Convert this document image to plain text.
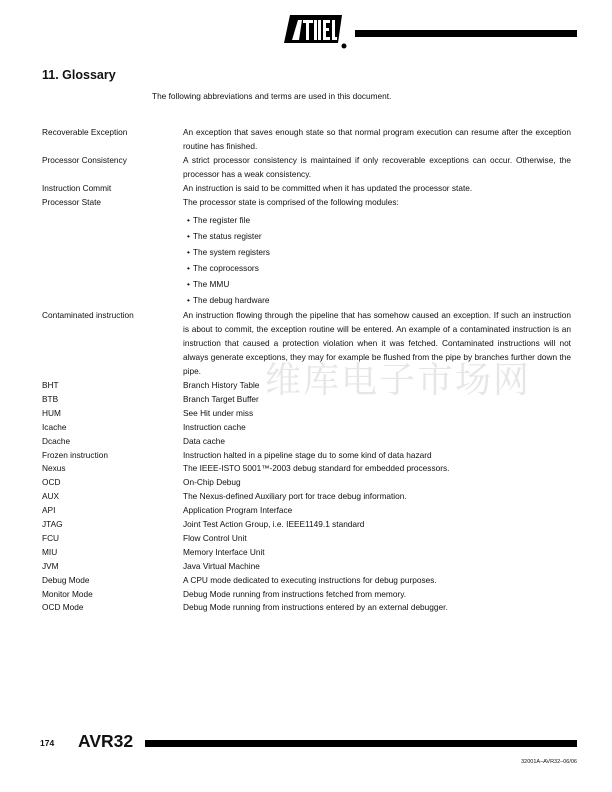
11. Glossary
The following abbreviations and terms are used in this document.
维库电子市场网
Recoverable Exception	An exception that saves enough state so that normal program execution can resume after the exception routine has finished.
Processor Consistency	A strict processor consistency is maintained if only recoverable exceptions can occur. Otherwise, the processor has a weak consistency.
Instruction Commit	An instruction is said to be committed when it has updated the processor state.
Processor State	The processor state is comprised of the following modules:
• The register file
• The status register
• The system registers
• The coprocessors
• The MMU
• The debug hardware
Contaminated instruction	An instruction flowing through the pipeline that has somehow caused an exception. If such an instruction is about to commit, the exception routine will be entered. An example of a contaminated instruction is an instruction that caused a protection violation when it was fetched. Contaminated instructions will not always generate exceptions, they may for example be flushed from the pipe by branches further down the pipe.
BHT	Branch History Table
BTB	Branch Target Buffer
HUM	See Hit under miss
Icache	Instruction cache
Dcache	Data cache
Frozen instruction	Instruction halted in a pipeline stage du to some kind of data hazard
Nexus	The IEEE-ISTO 5001™-2003 debug standard for embedded processors.
OCD	On-Chip Debug
AUX	The Nexus-defined Auxiliary port for trace debug information.
API	Application Program Interface
JTAG	Joint Test Action Group, i.e. IEEE1149.1 standard
FCU	Flow Control Unit
MIU	Memory Interface Unit
JVM	Java Virtual Machine
Debug Mode	A CPU mode dedicated to executing instructions for debug purposes.
Monitor Mode	Debug Mode running from instructions fetched from memory.
OCD Mode	Debug Mode running from instructions entered by an external debugger.
174 AVR32
32001A–AVR32–06/06
